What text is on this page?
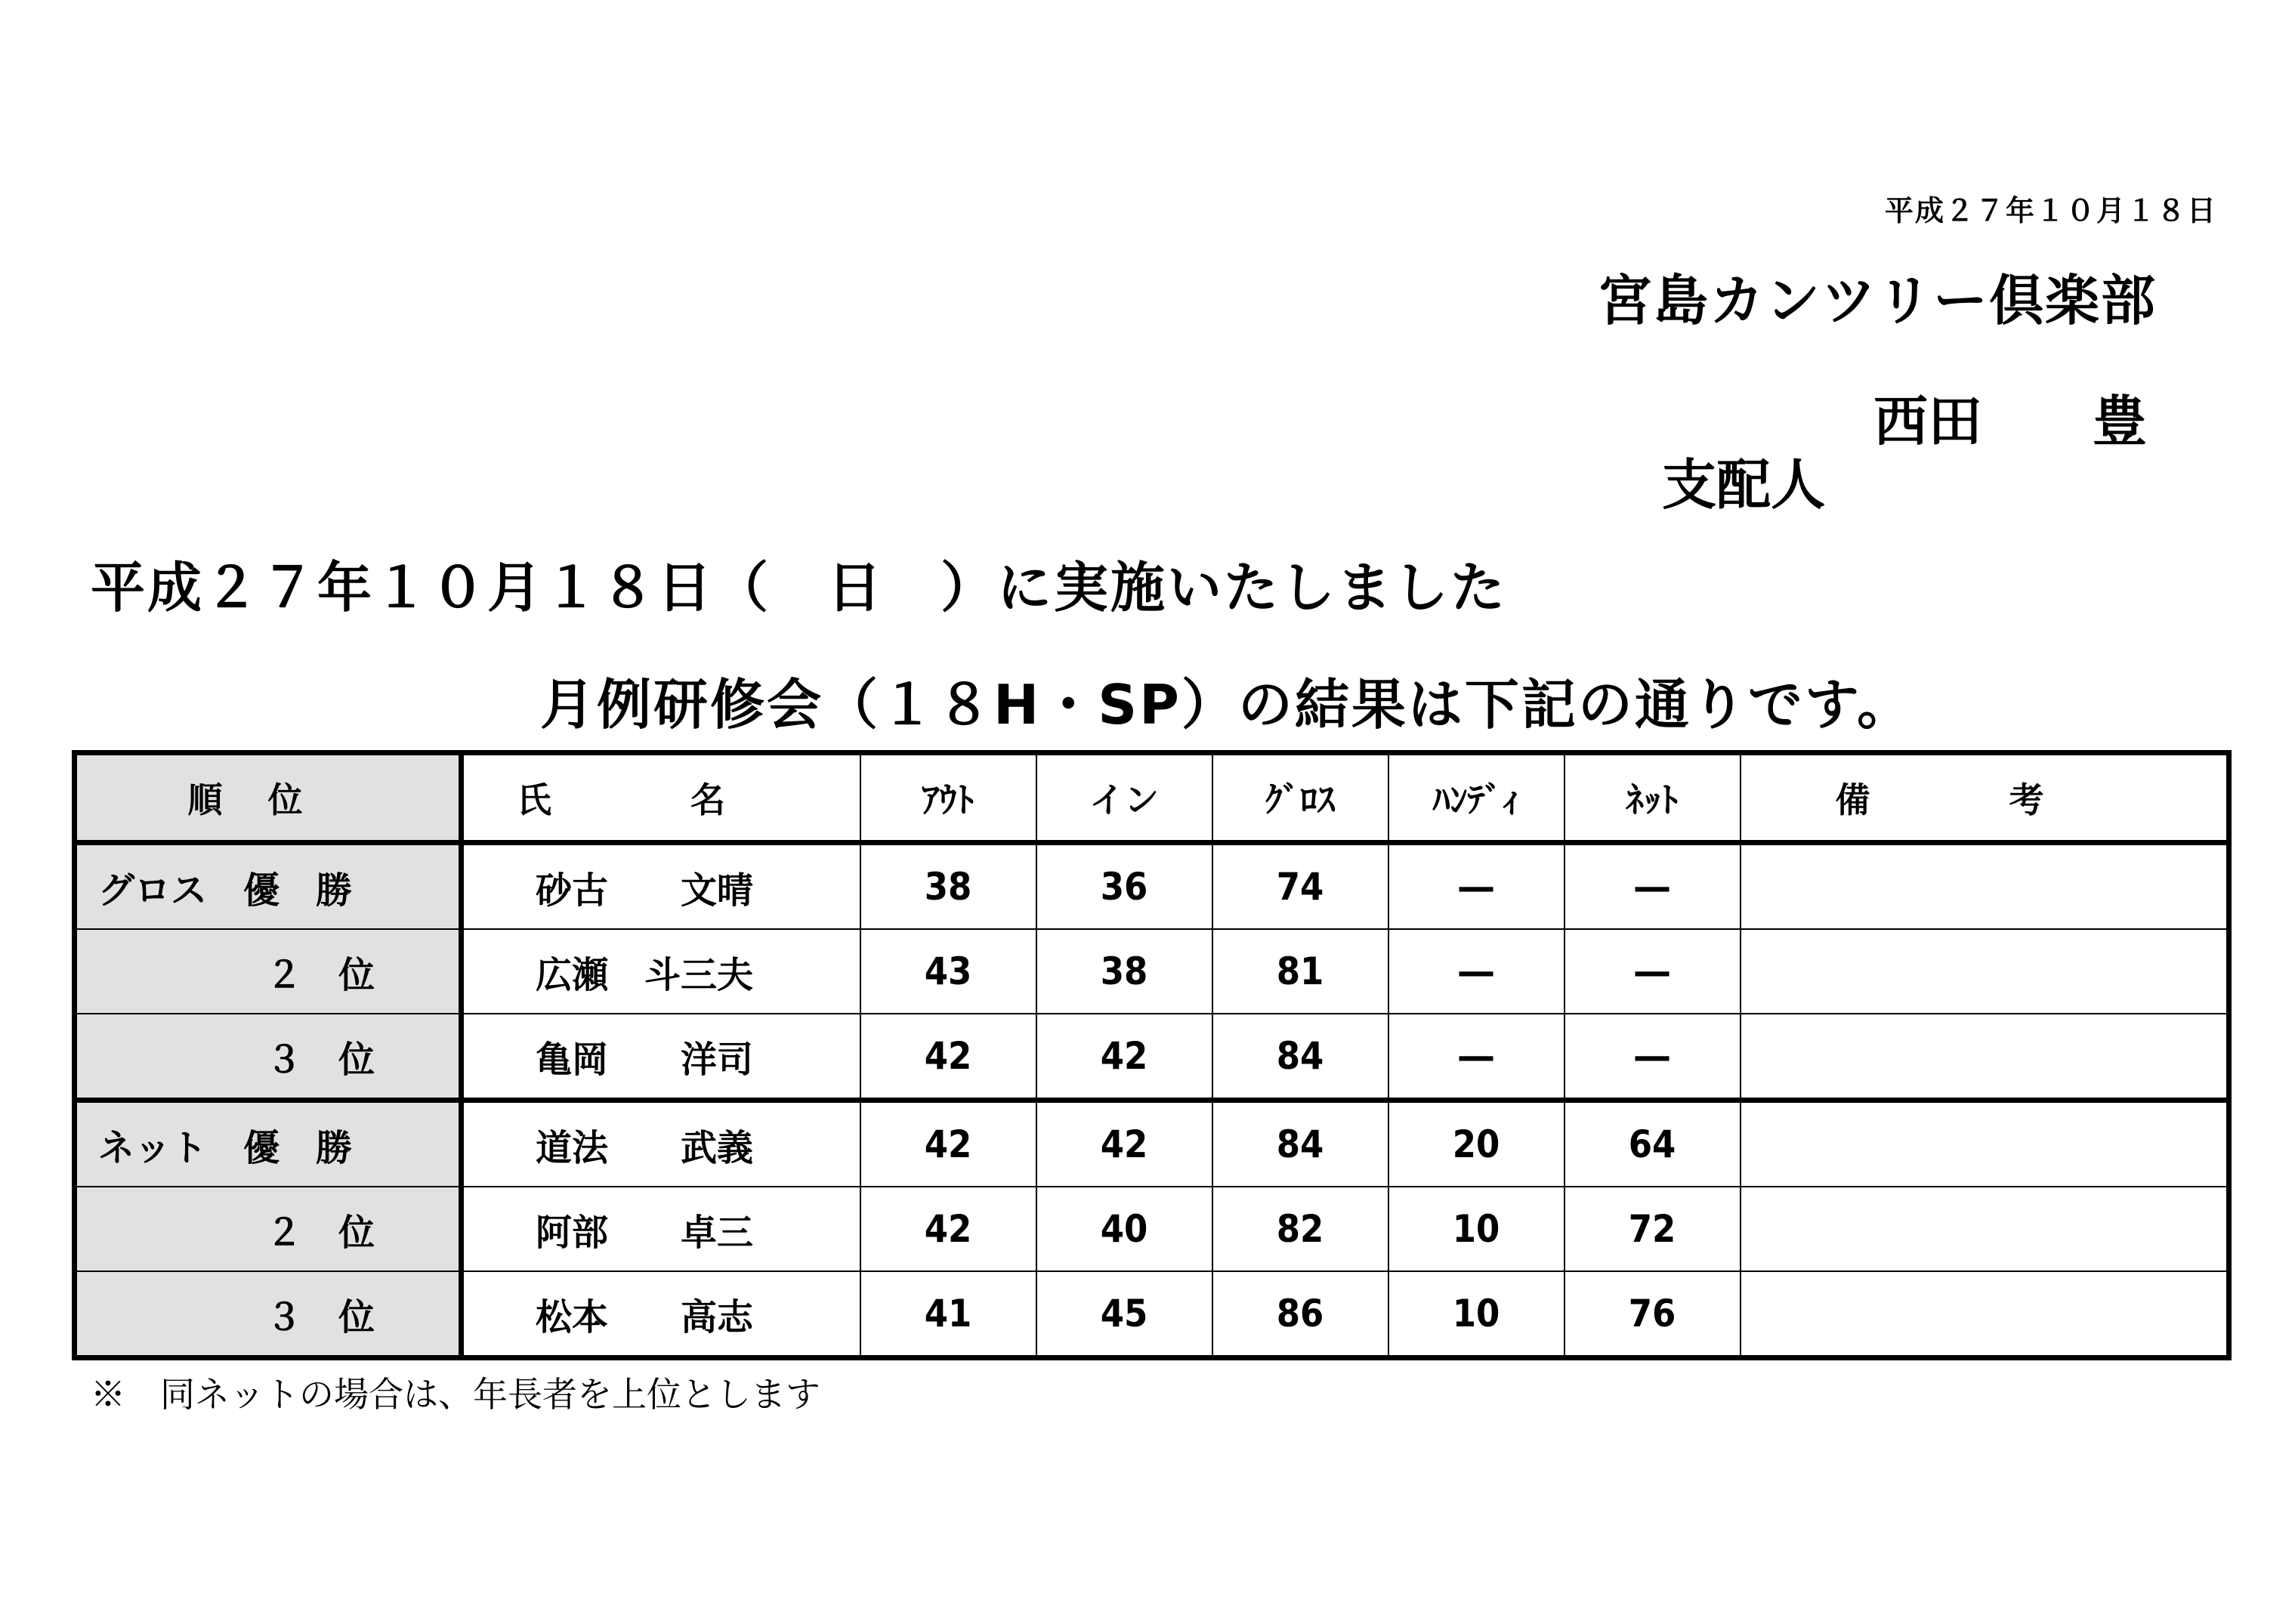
平成２７年１０月１８日
宮島カンツリー倶楽部

支配人

西田

豊

平成２７年１０月１８日（　日　）に実施いたしました
月例研修会（１８H・SP）の結果は下記の通りです。
順位	氏　　　　名	ｱｳﾄ	イン	ｸﾞﾛｽ	ﾊﾝﾃﾞｨ	ﾈｯﾄ	備　　　　考
グロス　優　勝	砂古　　文晴	38	36	74	―	―	
２　位	広瀬　斗三夫	43	38	81	―	―	
３　位	亀岡　　洋司	42	42	84	―	―	
ネット　優　勝	道法　　武義	42	42	84	20	64	
２　位	阿部　　卓三	42	40	82	10	72	
３　位	松本　　高志	41	45	86	10	76	
※　同ネットの場合は、年長者を上位とします
